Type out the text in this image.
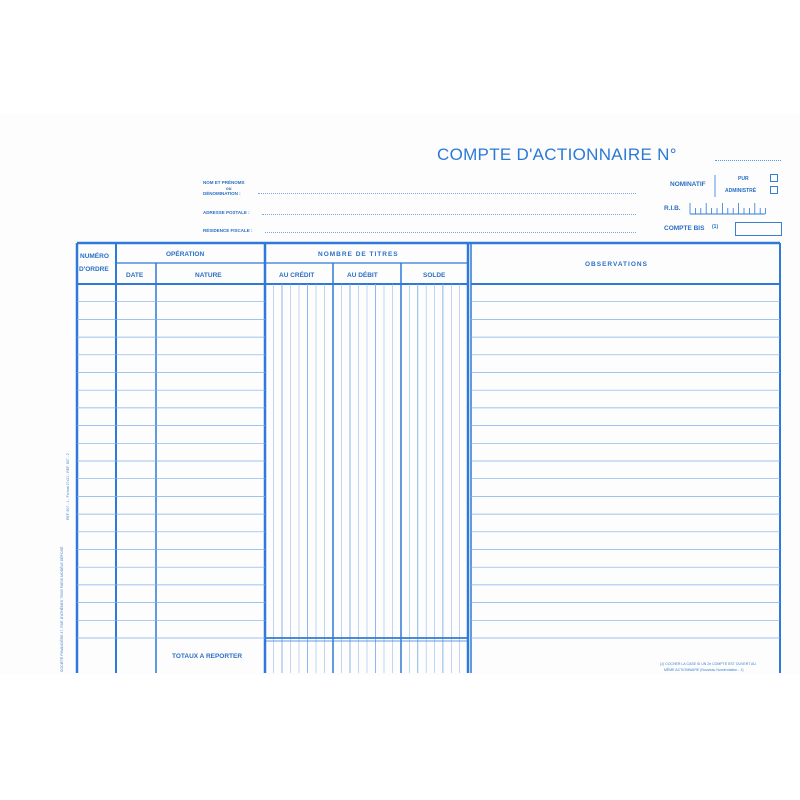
COMPTE D'ACTIONNAIRE N°
NOM ET PRÉNOMS
ou
DÉNOMINATION :
ADRESSE POSTALE :
RÉSIDENCE FISCALE :
NOMINATIF
PUR
ADMINISTRÉ
R.I.B.
COMPTE BIS (1)
NUMÉRO
D'ORDRE
OPÉRATION
DATE	NATURE
NOMBRE DE TITRES
AU CRÉDIT	AU DÉBIT	SOLDE
OBSERVATIONS
TOTAUX A REPORTER
SOCIÉTÉ FINANCIÈRE 47, RUE D'ATHÈNES 75009 PARIS MODÈLE DÉPOSÉ
REF. 807 - 1 - Format 27x21 - REF. 807 - 2
(1) COCHER LA CASE SI UN 2e COMPTE EST OUVERT AU
MÊME ACTIONNAIRE (Nouveau Numérotation - 1)
